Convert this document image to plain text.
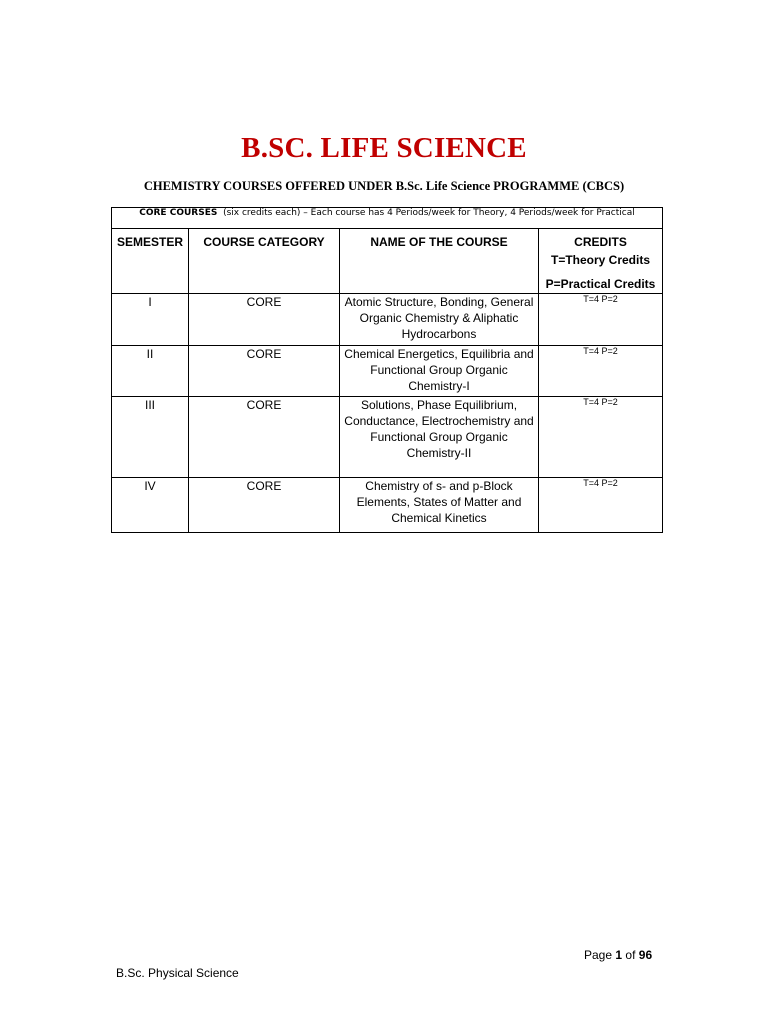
B.SC. LIFE SCIENCE
CHEMISTRY COURSES OFFERED UNDER B.Sc. Life Science PROGRAMME (CBCS)
CORE COURSES (six credits each) – Each course has 4 Periods/week for Theory, 4 Periods/week for Practical			

SEMESTER	COURSE CATEGORY	NAME OF THE COURSE	CREDITS
T=Theory Credits
P=Practical Credits

I	CORE	Atomic Structure, Bonding, General Organic Chemistry & Aliphatic Hydrocarbons	T=4 P=2
II	CORE	Chemical Energetics, Equilibria and Functional Group Organic Chemistry-I	T=4 P=2
III	CORE	Solutions, Phase Equilibrium, Conductance, Electrochemistry and Functional Group Organic Chemistry-II	T=4 P=2
IV	CORE	Chemistry of s- and p-Block Elements, States of Matter and Chemical Kinetics	T=4 P=2
Page 1 of 96
B.Sc. Physical Science
